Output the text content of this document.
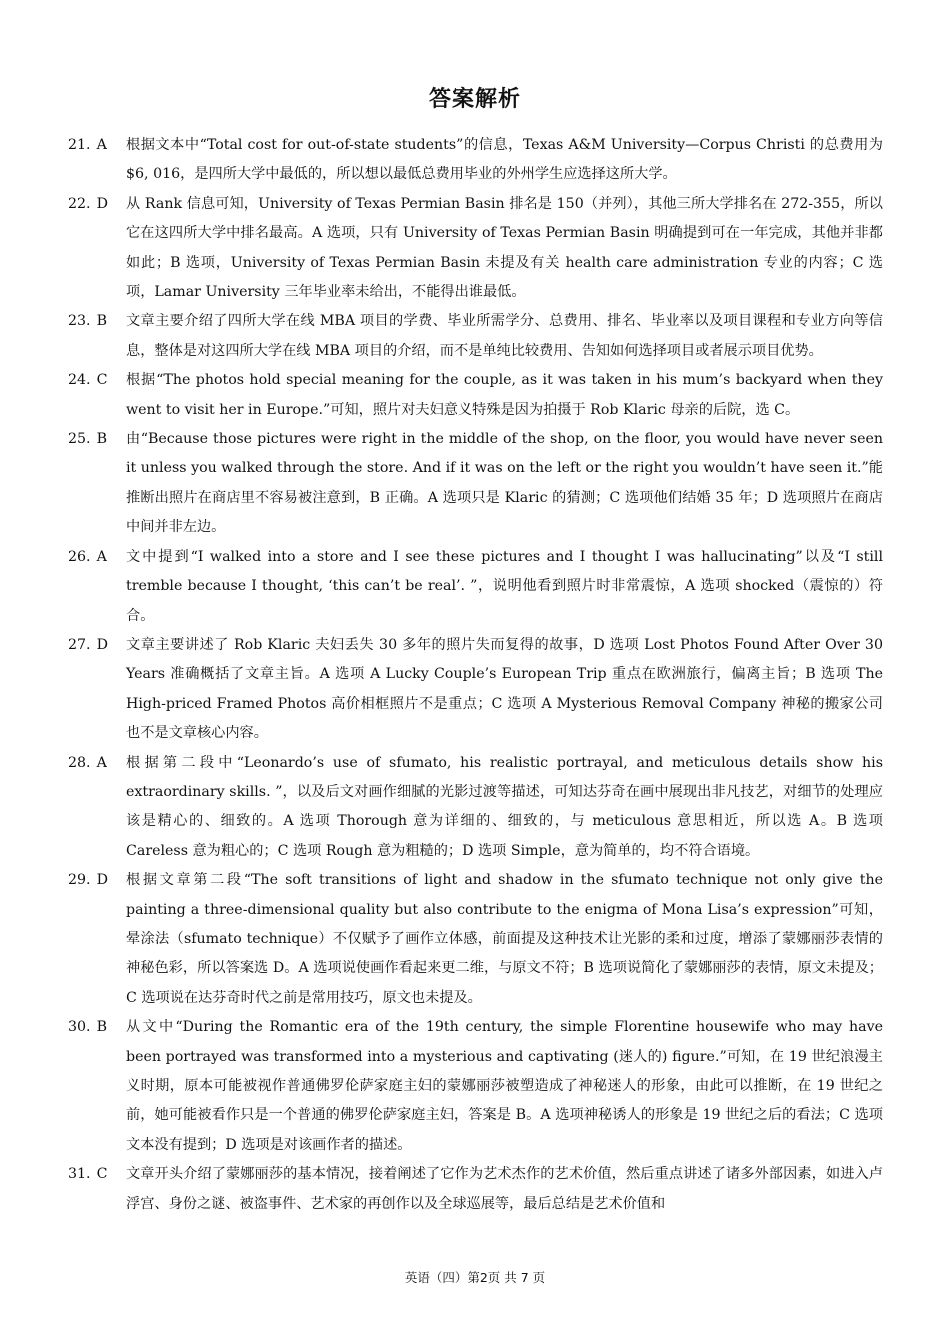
答案解析
21. A 根据文本中“Total cost for out-of-state students”的信息，Texas A&M University—Corpus Christi 的总费用为 $6, 016，是四所大学中最低的，所以想以最低总费用毕业的外州学生应选择这所大学。
22. D 从 Rank 信息可知，University of Texas Permian Basin 排名是 150（并列），其他三所大学排名在 272-355，所以它在这四所大学中排名最高。A 选项，只有 University of Texas Permian Basin 明确提到可在一年完成，其他并非都如此；B 选项，University of Texas Permian Basin 未提及有关 health care administration 专业的内容；C 选项，Lamar University 三年毕业率未给出，不能得出谁最低。
23. B 文章主要介绍了四所大学在线 MBA 项目的学费、毕业所需学分、总费用、排名、毕业率以及项目课程和专业方向等信息，整体是对这四所大学在线 MBA 项目的介绍，而不是单纯比较费用、告知如何选择项目或者展示项目优势。
24. C 根据“The photos hold special meaning for the couple, as it was taken in his mum’s backyard when they went to visit her in Europe.”可知，照片对夫妇意义特殊是因为拍摄于 Rob Klaric 母亲的后院，选 C。
25. B 由“Because those pictures were right in the middle of the shop, on the floor, you would have never seen it unless you walked through the store. And if it was on the left or the right you wouldn’t have seen it.”能推断出照片在商店里不容易被注意到，B 正确。A 选项只是 Klaric 的猜测；C 选项他们结婚 35 年；D 选项照片在商店中间并非左边。
26. A 文中提到“I walked into a store and I see these pictures and I thought I was hallucinating”以及“I still tremble because I thought, ‘this can’t be real’. ”，说明他看到照片时非常震惊，A 选项 shocked（震惊的）符合。
27. D 文章主要讲述了 Rob Klaric 夫妇丢失 30 多年的照片失而复得的故事，D 选项 Lost Photos Found After Over 30 Years 准确概括了文章主旨。A 选项 A Lucky Couple’s European Trip 重点在欧洲旅行，偏离主旨；B 选项 The High-priced Framed Photos 高价相框照片不是重点；C 选项 A Mysterious Removal Company 神秘的搬家公司也不是文章核心内容。
28. A 根据第二段中“Leonardo’s use of sfumato, his realistic portrayal, and meticulous details show his extraordinary skills. ”，以及后文对画作细腻的光影过渡等描述，可知达芬奇在画中展现出非凡技艺，对细节的处理应该是精心的、细致的。A 选项 Thorough 意为详细的、细致的，与 meticulous 意思相近，所以选 A。B 选项 Careless 意为粗心的；C 选项 Rough 意为粗糙的；D 选项 Simple，意为简单的，均不符合语境。
29. D 根据文章第二段“The soft transitions of light and shadow in the sfumato technique not only give the painting a three-dimensional quality but also contribute to the enigma of Mona Lisa’s expression”可知，晕涂法（sfumato technique）不仅赋予了画作立体感，前面提及这种技术让光影的柔和过度，增添了蒙娜丽莎表情的神秘色彩，所以答案选 D。A 选项说使画作看起来更二维，与原文不符；B 选项说简化了蒙娜丽莎的表情，原文未提及；C 选项说在达芬奇时代之前是常用技巧，原文也未提及。
30. B 从文中“During the Romantic era of the 19th century, the simple Florentine housewife who may have been portrayed was transformed into a mysterious and captivating (迷人的) figure.”可知，在 19 世纪浪漫主义时期，原本可能被视作普通佛罗伦萨家庭主妇的蒙娜丽莎被塑造成了神秘迷人的形象，由此可以推断，在 19 世纪之前，她可能被看作只是一个普通的佛罗伦萨家庭主妇，答案是 B。A 选项神秘诱人的形象是 19 世纪之后的看法；C 选项文本没有提到；D 选项是对该画作者的描述。
31. C 文章开头介绍了蒙娜丽莎的基本情况，接着阐述了它作为艺术杰作的艺术价值，然后重点讲述了诸多外部因素，如进入卢浮宫、身份之谜、被盗事件、艺术家的再创作以及全球巡展等，最后总结是艺术价值和
英语（四）第2页 共 7 页
